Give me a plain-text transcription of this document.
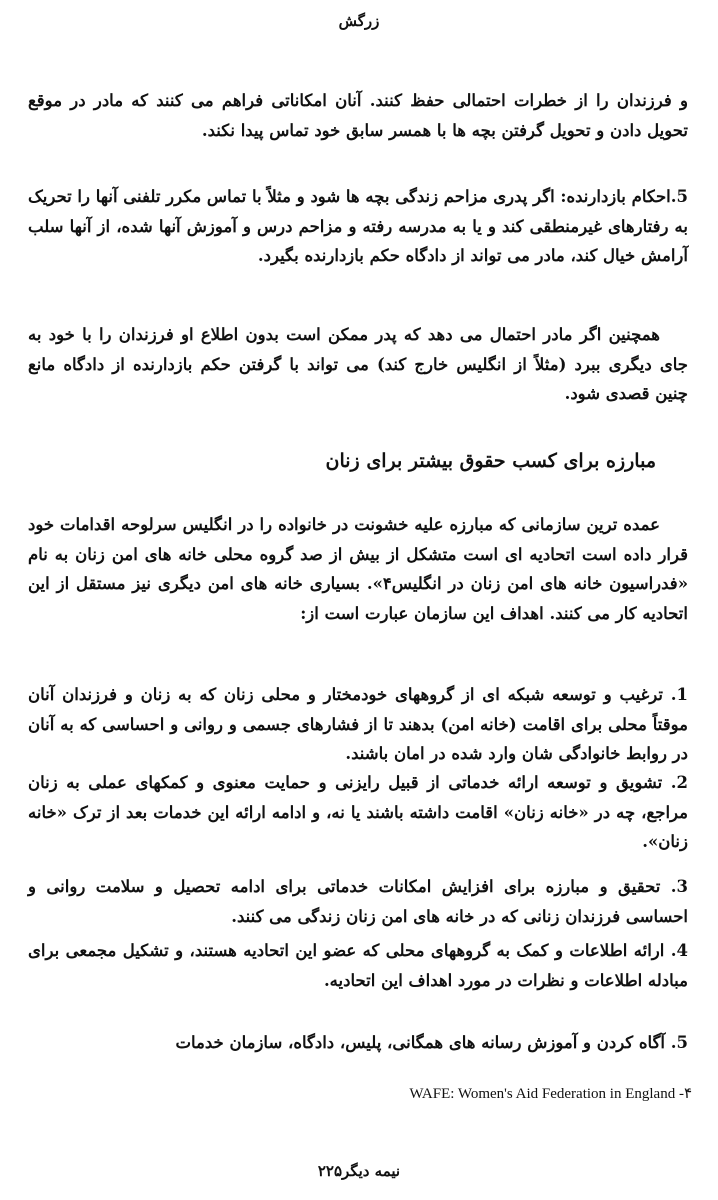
زرگش

و فرزندان را از خطرات احتمالی حفظ کنند. آنان امکاناتی فراهم می کنند که مادر در موقع تحویل دادن و تحویل گرفتن بچه ها با همسر سابق خود تماس پیدا نکند.

5.احکام بازدارنده: اگر پدری مزاحم زندگی بچه ها شود و مثلاً با تماس مکرر تلفنی آنها را تحریک به رفتارهای غیرمنطقی کند و یا به مدرسه رفته و مزاحم درس و آموزش آنها شده، از آنها سلب آرامش خیال کند، مادر می تواند از دادگاه حکم بازدارنده بگیرد.

همچنین اگر مادر احتمال می دهد که پدر ممکن است بدون اطلاع او فرزندان را با خود به جای دیگری ببرد (مثلاً از انگلیس خارج کند) می تواند با گرفتن حکم بازدارنده از دادگاه مانع چنین قصدی شود.

مبارزه برای کسب حقوق بیشتر برای زنان

عمده ترین سازمانی که مبارزه علیه خشونت در خانواده را در انگلیس سرلوحه اقدامات خود قرار داده است اتحادیه ای است متشکل از بیش از صد گروه محلی خانه های امن زنان به نام «فدراسیون خانه های امن زنان در انگلیس۴». بسیاری خانه های امن دیگری نیز مستقل از این اتحادیه کار می کنند. اهداف این سازمان عبارت است از:

1. ترغیب و توسعه شبکه ای از گروههای خودمختار و محلی زنان که به زنان و فرزندان آنان موقتاً محلی برای اقامت (خانه امن) بدهند تا از فشارهای جسمی و روانی و احساسی که به آنان در روابط خانوادگی شان وارد شده در امان باشند.

2. تشویق و توسعه ارائه خدماتی از قبیل رایزنی و حمایت معنوی و کمکهای عملی به زنان مراجع، چه در «خانه زنان» اقامت داشته باشند یا نه، و ادامه ارائه این خدمات بعد از ترک «خانه زنان».

3. تحقیق و مبارزه برای افزایش امکانات خدماتی برای ادامه تحصیل و سلامت روانی و احساسی فرزندان زنانی که در خانه های امن زنان زندگی می کنند.

4. ارائه اطلاعات و کمک به گروههای محلی که عضو این اتحادیه هستند، و تشکیل مجمعی برای مبادله اطلاعات و نظرات در مورد اهداف این اتحادیه.

5. آگاه کردن و آموزش رسانه های همگانی، پلیس، دادگاه، سازمان خدمات

WAFE: Women's Aid Federation in England -۴
نیمه دیگر۲۲۵
